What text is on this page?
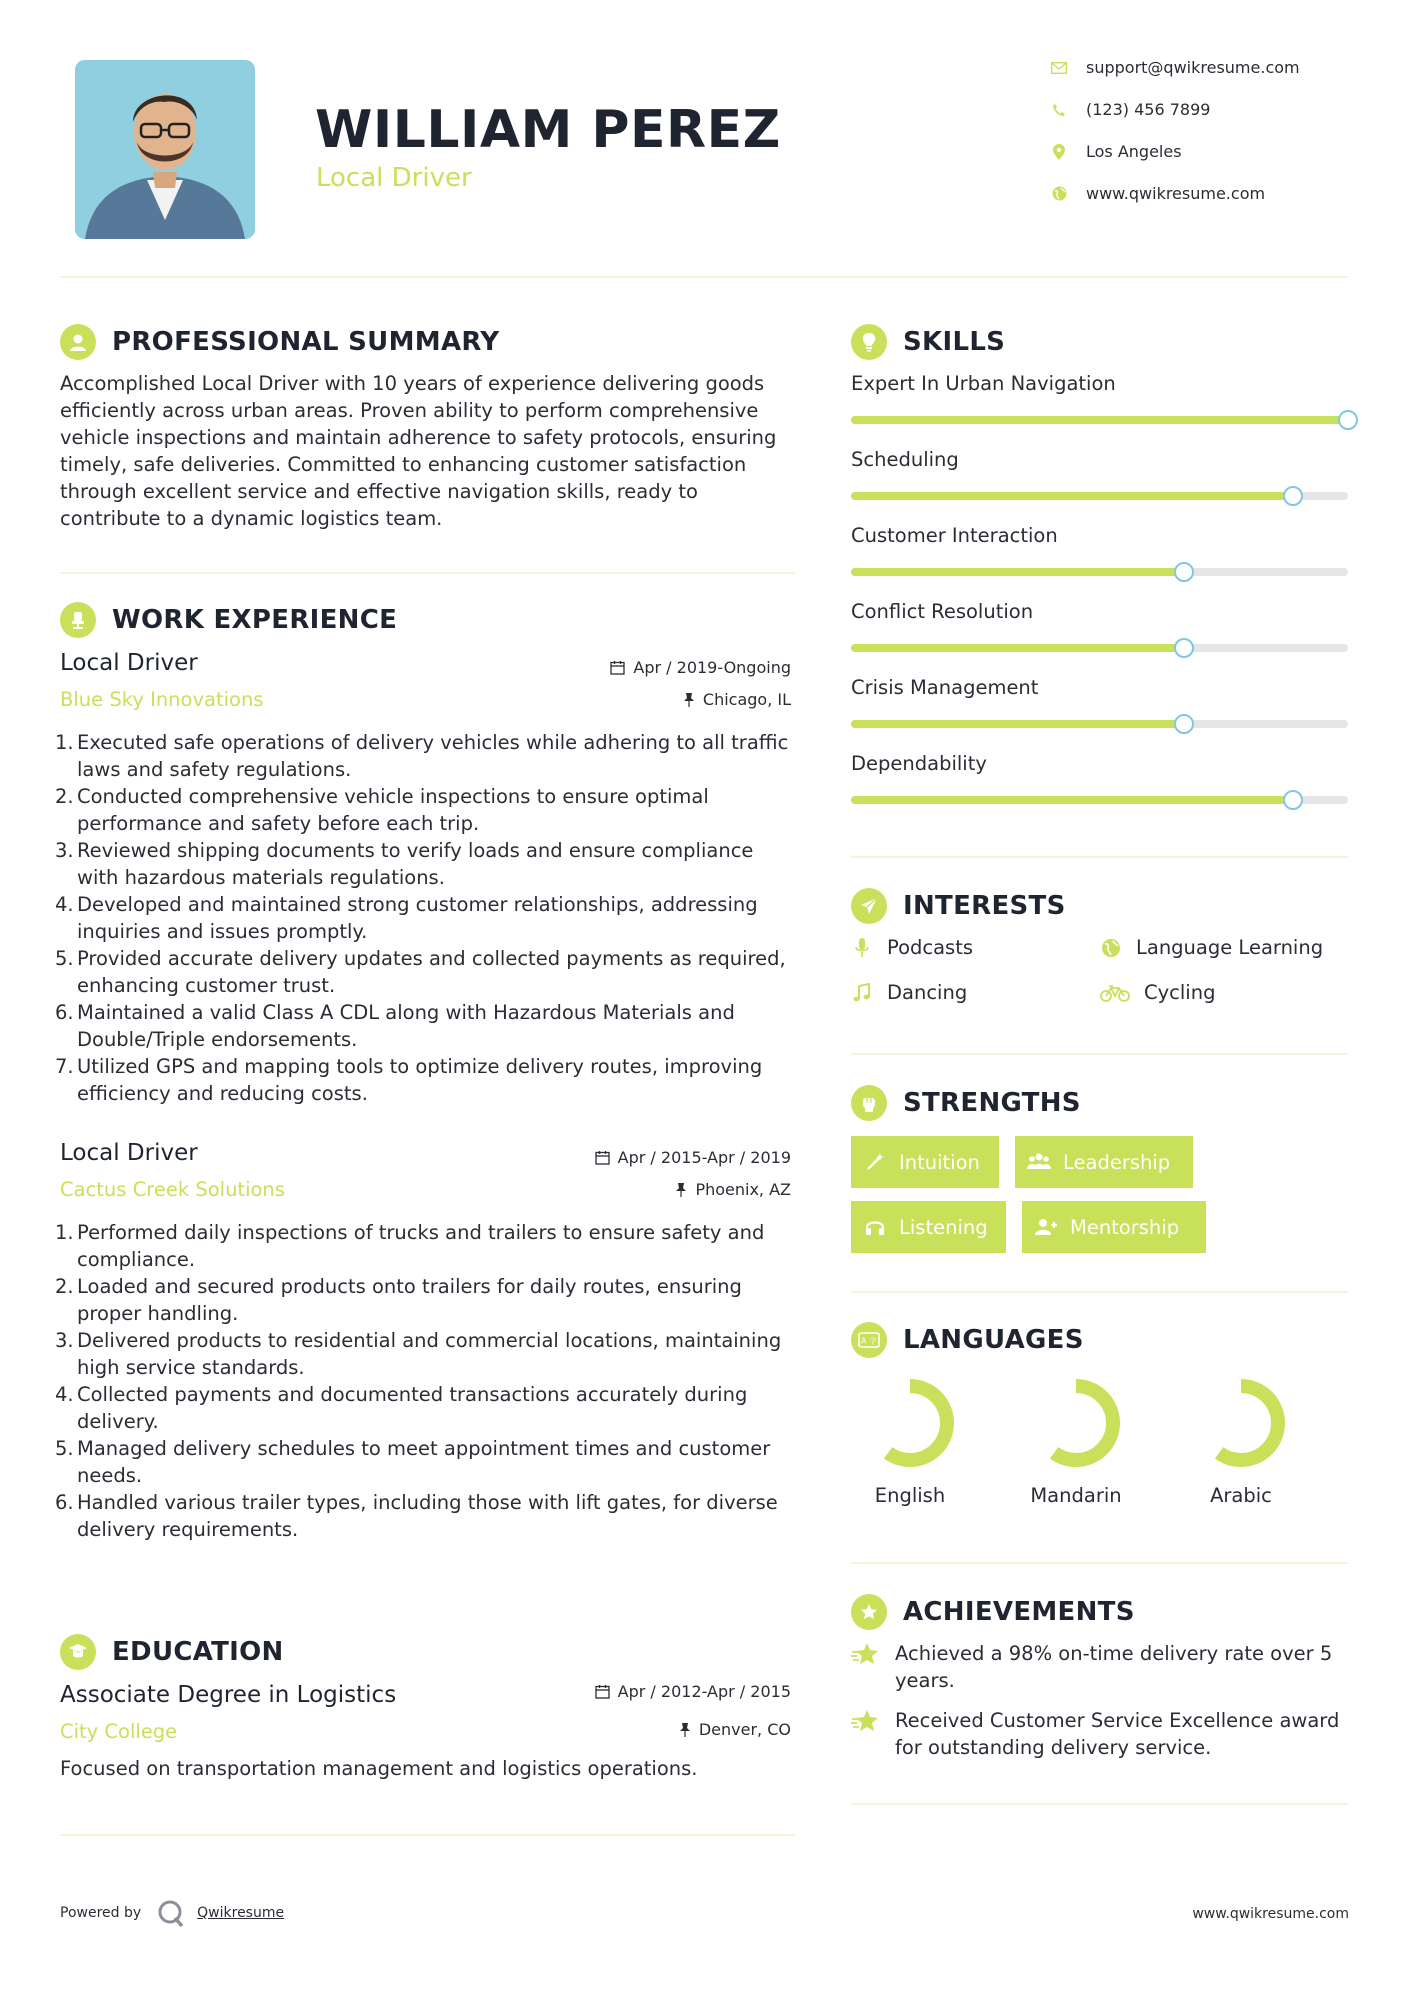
WILLIAM PEREZ
Local Driver
support@qwikresume.com
(123) 456 7899
Los Angeles
www.qwikresume.com
PROFESSIONAL SUMMARY
Accomplished Local Driver with 10 years of experience delivering goods efficiently across urban areas. Proven ability to perform comprehensive vehicle inspections and maintain adherence to safety protocols, ensuring timely, safe deliveries. Committed to enhancing customer satisfaction through excellent service and effective navigation skills, ready to contribute to a dynamic logistics team.
WORK EXPERIENCE
Local Driver	Apr / 2019-Ongoing
Blue Sky Innovations	Chicago, IL
1. Executed safe operations of delivery vehicles while adhering to all traffic laws and safety regulations.
2. Conducted comprehensive vehicle inspections to ensure optimal performance and safety before each trip.
3. Reviewed shipping documents to verify loads and ensure compliance with hazardous materials regulations.
4. Developed and maintained strong customer relationships, addressing inquiries and issues promptly.
5. Provided accurate delivery updates and collected payments as required, enhancing customer trust.
6. Maintained a valid Class A CDL along with Hazardous Materials and Double/Triple endorsements.
7. Utilized GPS and mapping tools to optimize delivery routes, improving efficiency and reducing costs.
Local Driver	Apr / 2015-Apr / 2019
Cactus Creek Solutions	Phoenix, AZ
1. Performed daily inspections of trucks and trailers to ensure safety and compliance.
2. Loaded and secured products onto trailers for daily routes, ensuring proper handling.
3. Delivered products to residential and commercial locations, maintaining high service standards.
4. Collected payments and documented transactions accurately during delivery.
5. Managed delivery schedules to meet appointment times and customer needs.
6. Handled various trailer types, including those with lift gates, for diverse delivery requirements.
EDUCATION
Associate Degree in Logistics	Apr / 2012-Apr / 2015
City College	Denver, CO
Focused on transportation management and logistics operations.
SKILLS
Expert In Urban Navigation
Scheduling
Customer Interaction
Conflict Resolution
Crisis Management
Dependability
INTERESTS
Podcasts	Language Learning
Dancing	Cycling
STRENGTHS
Intuition	Leadership
Listening	Mentorship
A 字 LANGUAGES
English	Mandarin	Arabic
ACHIEVEMENTS
Achieved a 98% on-time delivery rate over 5 years.
Received Customer Service Excellence award for outstanding delivery service.
Powered by	Qwikresume	www.qwikresume.com
